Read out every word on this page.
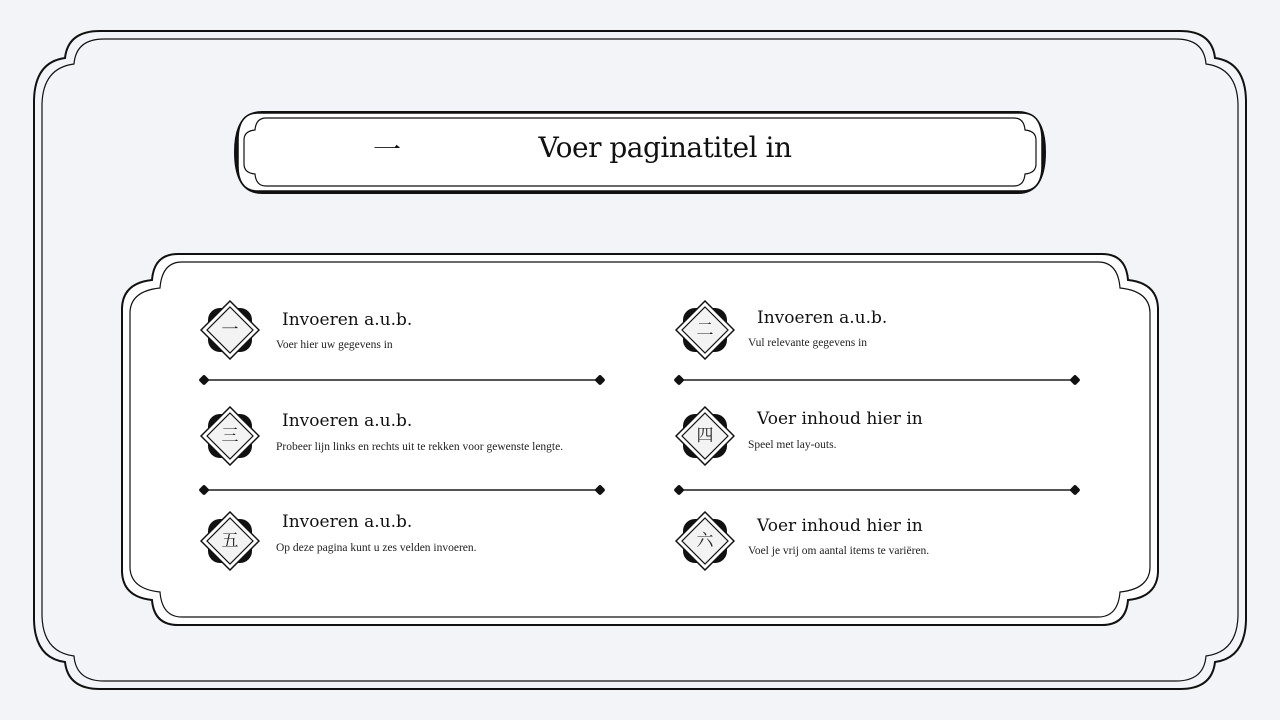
一	Voer paginatitel in
一	Invoeren a.u.b.
Voer hier uw gegevens in
二
Invoeren a.u.b.
Vul relevante gegevens in
三
Invoeren a.u.b.
Probeer lijn links en rechts uit te rekken voor gewenste lengte.
四
Voer inhoud hier in
Speel met lay-outs.
五
Invoeren a.u.b.
Op deze pagina kunt u zes velden invoeren.	六
Voer inhoud hier in
Voel je vrij om aantal items te variëren.
